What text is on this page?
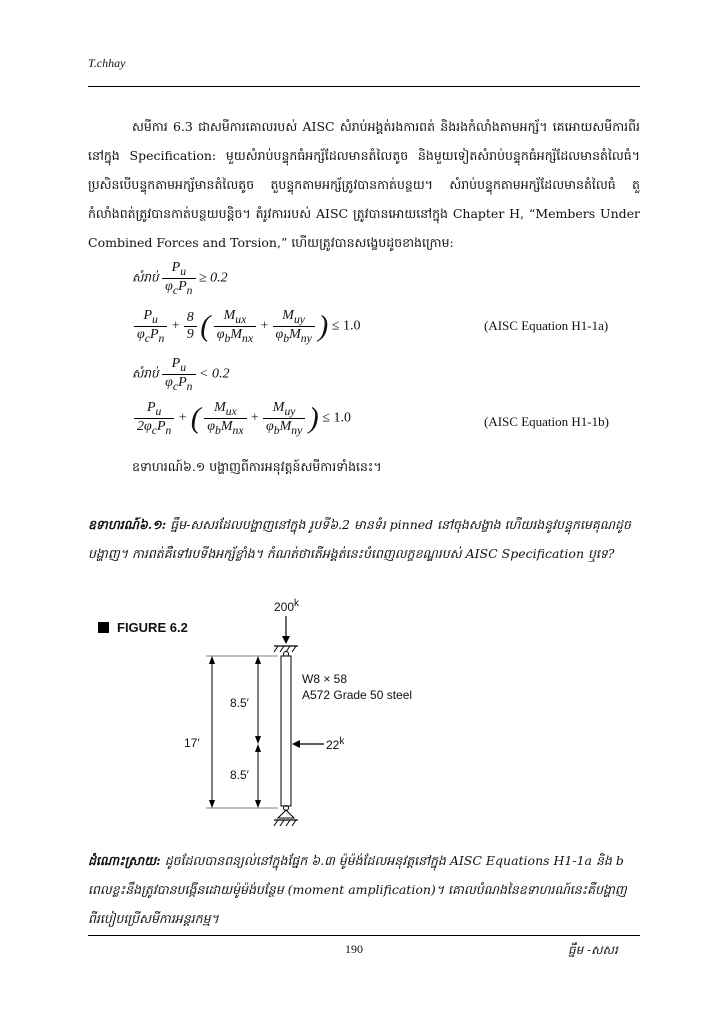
T.chhay

សមីការ 6.3 ជាសមីការគោលរបស់ AISC សំរាប់អង្គត់រងការពត់ និងរងកំលាំងតាមអក្ស័។ គេអោយសមីការពីរនៅក្នុង Specification: មួយសំរាប់បន្ទុកធំអក្ស័ដែលមានតំលៃតូច និងមួយទៀតសំរាប់បន្ទុកធំអក្ស័ដែលមានតំលៃធំ។ ប្រសិនបើបន្ទុកតាមអក្ស័មានតំលៃតូច តួបន្ទុកតាមអក្ស័ត្រូវបានកាត់បន្ថយ។ សំរាប់បន្ទុកតាមអក្ស័ដែលមានតំលៃធំ តួកំលាំងពត់ត្រូវបានកាត់បន្ថយបន្តិច។ តំរូវការរបស់ AISC ត្រូវបានអោយនៅក្នុង Chapter H, “Members Under Combined Forces and Torsion,” ហើយត្រូវបានសង្ខេបដូចខាងក្រោម:

សំរាប់ $\frac{P_u}{\varphi_cP_n} \ge 0.2$
$\frac{P_u}{\varphi_cP_n} + \frac{8}{9}$ ( $\frac{M_{ux}}{\varphi_bM_{nx}} + \frac{M_{uy}}{\varphi_bM_{ny}}$ ) ≤ 1.0	(AISC Equation H1-1a)
សំរាប់ $\frac{P_u}{\varphi_cP_n} < 0.2$
$\frac{P_u}{2\varphi_cP_n}$ + ( $\frac{M_{ux}}{\varphi_bM_{nx}} + \frac{M_{uy}}{\varphi_bM_{ny}}$ ) ≤ 1.0	(AISC Equation H1-1b)

ឧទាហរណ៍៦.១ បង្ហាញពីការអនុវត្តន៍សមីការទាំងនេះ។

ឧទាហរណ៍៦.១: ធ្នឹម-សសរដែលបង្ហាញនៅក្នុង រូបទី៦.2 មានទំរ pinned នៅចុងសង្ខាង ហើយរងនូវបន្ទុកមេគុណដូចបង្ហាញ។ ការពត់គឺទៅរបទីងអក្ស័ខ្លាំង។ កំណត់ថាតើអង្គត់នេះបំពេញលក្ខខណ្ឌរបស់ AISC Specification ឬទេ?
FIGURE 6.2
200$^k$
W8 × 58
A572 Grade 50 steel
22$^k$
8.5′
8.5′
17′
ដំណោះស្រាយ: ដូចដែលបានពន្យល់នៅក្នុងផ្នែក ៦.៣ ម៉ូម៉ង់ដែលអនុវត្តនៅក្នុង AISC Equations H1-1a និង b ពេលខ្លះនឹងត្រូវបានបង្កើនដោយម៉ូម៉ង់បន្ថែម (moment amplification)។ គោលបំណងនៃឧទាហរណ៍នេះគឺបង្ហាញពីរបៀបប្រើសមីការអន្តរកម្ម។
190	ធ្នឹម -សសរ
